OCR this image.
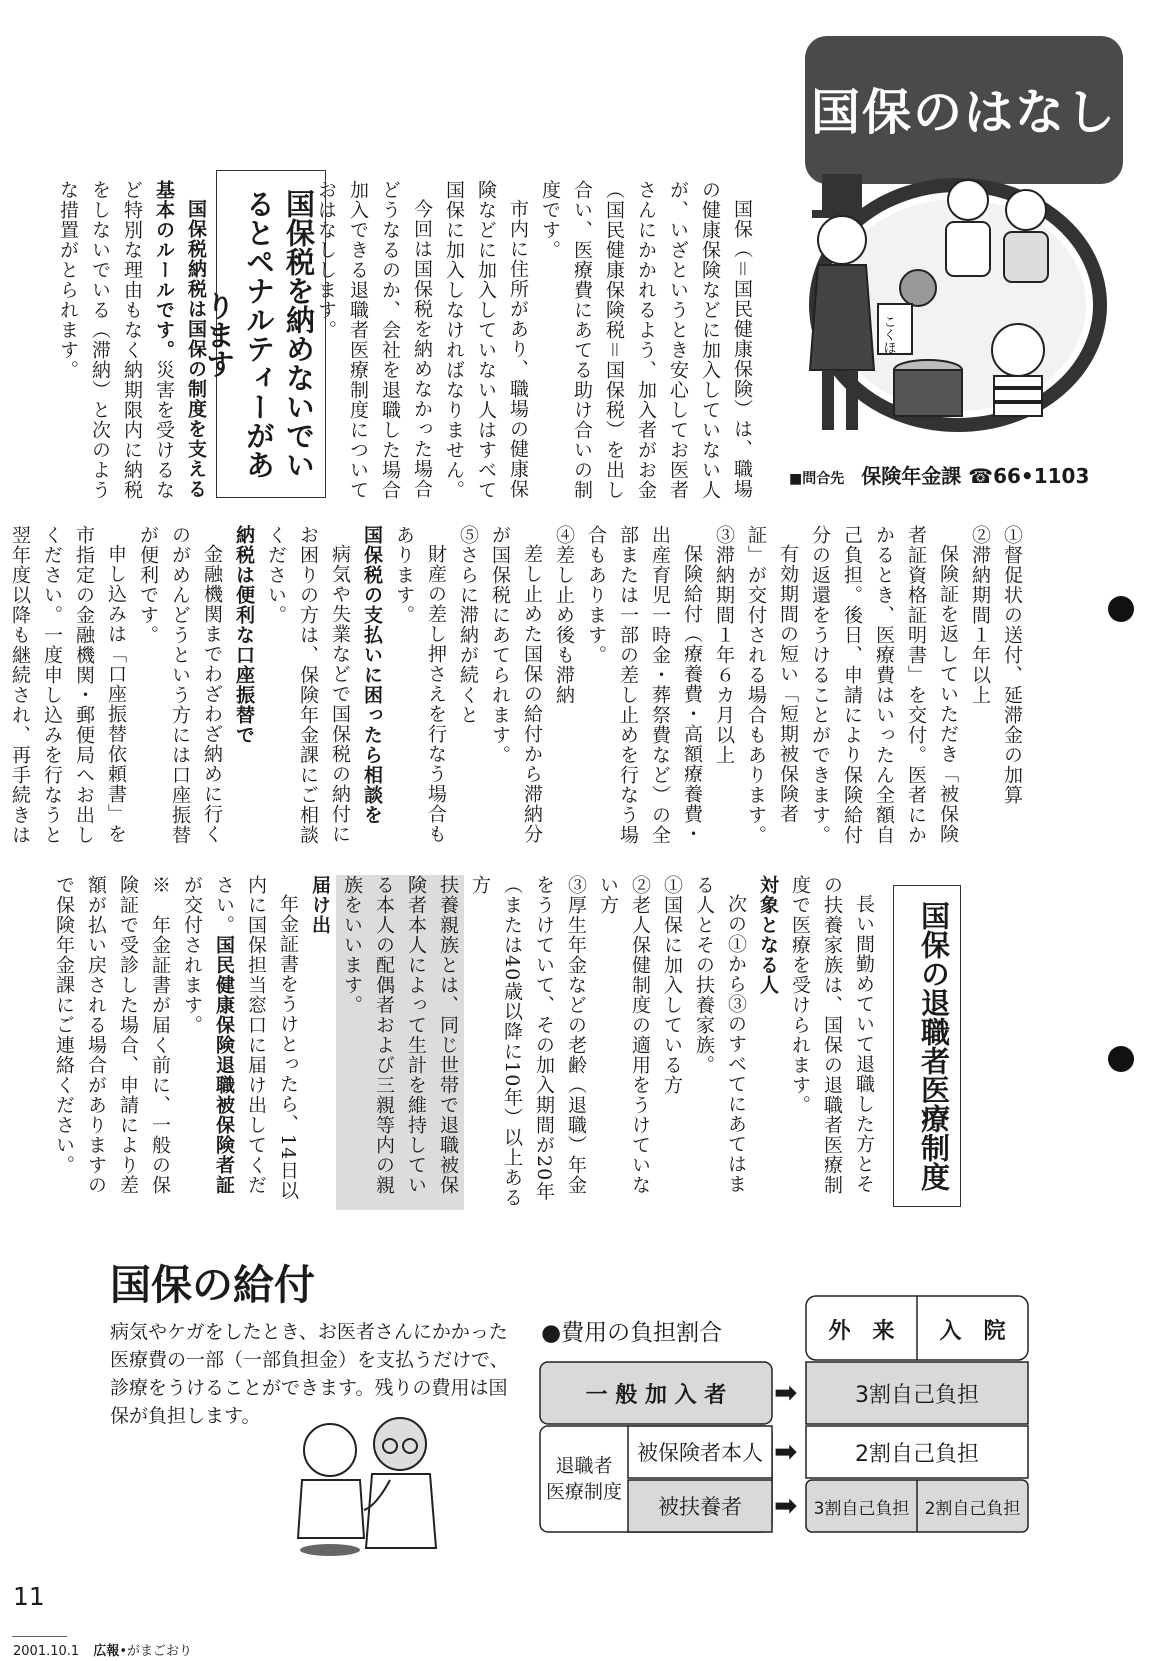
国保のはなし
こくほ
■問合先 保険年金課 ☎66•1103

国保（＝国民健康保険）は、職場の健康保険などに加入していない人が、いざというとき安心してお医者さんにかかれるよう、加入者がお金（国民健康保険税＝国保税）を出し合い、医療費にあてる助け合いの制度です。

市内に住所があり、職場の健康保険などに加入していない人はすべて国保に加入しなければなりません。

今回は国保税を納めなかった場合どうなるのか、会社を退職した場合加入できる退職者医療制度についておはなしします。

国保税を納めないでいるとペナルティーがあります

国保税納税は国保の制度を支える基本のルールです。災害を受けるなど特別な理由もなく納期限内に納税をしないでいる（滞納）と次のような措置がとられます。

①督促状の送付、延滞金の加算

②滞納期間１年以上

保険証を返していただき「被保険者証資格証明書」を交付。医者にかかるとき、医療費はいったん全額自己負担。後日、申請により保険給付分の返還をうけることができます。

有効期間の短い「短期被保険者証」が交付される場合もあります。

③滞納期間１年６カ月以上

保険給付（療養費・高額療養費・出産育児一時金・葬祭費など）の全部または一部の差し止めを行なう場合もあります。

④差し止め後も滞納

差し止めた国保の給付から滞納分が国保税にあてられます。

⑤さらに滞納が続くと

財産の差し押さえを行なう場合もあります。

国保税の支払いに困ったら相談を

病気や失業などで国保税の納付にお困りの方は、保険年金課にご相談ください。

納税は便利な口座振替で

金融機関までわざわざ納めに行くのがめんどうという方には口座振替が便利です。

申し込みは「口座振替依頼書」を市指定の金融機関・郵便局へお出しください。一度申し込みを行なうと翌年度以降も継続され、再手続きは

国保の退職者医療制度

長い間勤めていて退職した方とその扶養家族は、国保の退職者医療制度で医療を受けられます。

対象となる人

次の①から③のすべてにあてはまる人とその扶養家族。

①国保に加入している方

②老人保健制度の適用をうけていない方

③厚生年金などの老齢（退職）年金をうけていて、その加入期間が20年（または40歳以降に10年）以上ある方

扶養親族とは、同じ世帯で退職被保険者本人によって生計を維持している本人の配偶者および三親等内の親族をいいます。

届け出

年金証書をうけとったら、14日以内に国保担当窓口に届け出してください。国民健康保険退職被保険者証が交付されます。

※　年金証書が届く前に、一般の保険証で受診した場合、申請により差額が払い戻される場合がありますので保険年金課にご連絡ください。

国保の給付
病気やケガをしたとき、お医者さんにかかった医療費の一部（一部負担金）を支払うだけで、診療をうけることができます。残りの費用は国保が負担します。
●費用の負担割合	外　来	入　院
一 般 加 入 者	➡	3割自己負担
退職者
医療制度
被保険者本人 ➡	2割自己負担
被扶養者	➡ 3割自己負担 2割自己負担
11
2001.10.1 広報•がまごおり
